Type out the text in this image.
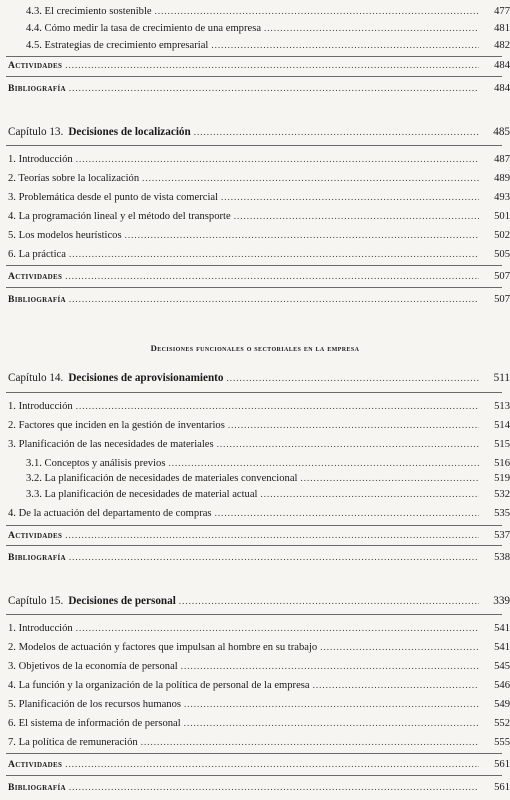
4.3. El crecimiento sostenible .....	477
4.4. Cómo medir la tasa de crecimiento de una empresa .....	481
4.5. Estrategias de crecimiento empresarial .....	482
Actividades .....	484
Bibliografía .....	484
Capítulo 13. Decisiones de localización .....	485
1. Introducción .....	487
2. Teorías sobre la localización .....	489
3. Problemática desde el punto de vista comercial .....	493
4. La programación lineal y el método del transporte .....	501
5. Los modelos heurísticos .....	502
6. La práctica .....	505
Actividades .....	507
Bibliografía .....	507
Decisiones funcionales o sectoriales en la empresa
Capítulo 14. Decisiones de aprovisionamiento .....	511
1. Introducción .....	513
2. Factores que inciden en la gestión de inventarios .....	514
3. Planificación de las necesidades de materiales .....	515
3.1. Conceptos y análisis previos .....	516
3.2. La planificación de necesidades de materiales convencional .....	519
3.3. La planificación de necesidades de material actual .....	532
4. De la actuación del departamento de compras .....	535
Actividades .....	537
Bibliografía .....	538
Capítulo 15. Decisiones de personal .....	339
1. Introducción .....	541
2. Modelos de actuación y factores que impulsan al hombre en su trabajo .....	541
3. Objetivos de la economía de personal .....	545
4. La función y la organización de la política de personal de la empresa .....	546
5. Planificación de los recursos humanos .....	549
6. El sistema de información de personal .....	552
7. La política de remuneración .....	555
Actividades .....	561
Bibliografía .....	561
